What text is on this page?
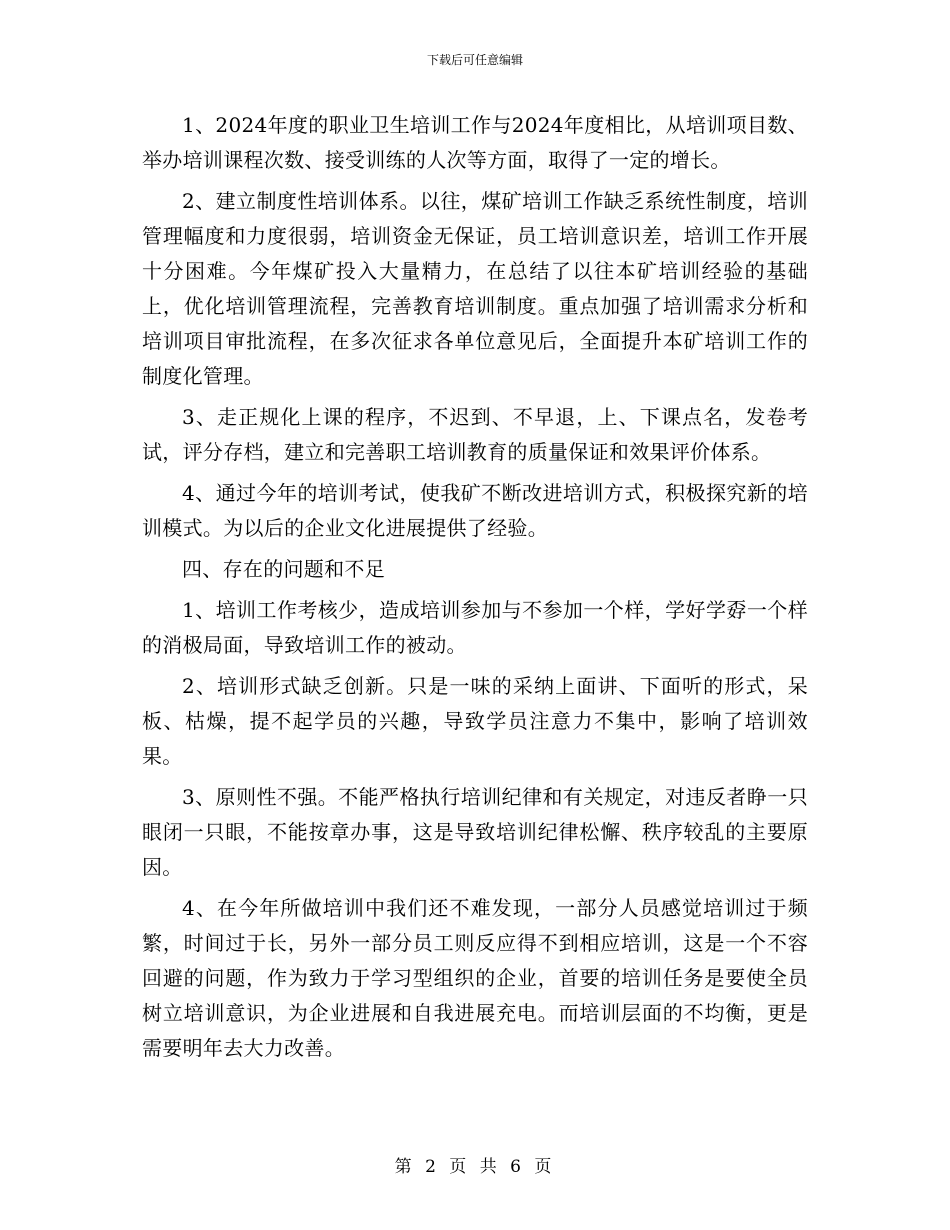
下载后可任意编辑

1、2024年度的职业卫生培训工作与2024年度相比，从培训项目数、举办培训课程次数、接受训练的人次等方面，取得了一定的增长。

2、建立制度性培训体系。以往，煤矿培训工作缺乏系统性制度，培训管理幅度和力度很弱，培训资金无保证，员工培训意识差，培训工作开展十分困难。今年煤矿投入大量精力，在总结了以往本矿培训经验的基础上，优化培训管理流程，完善教育培训制度。重点加强了培训需求分析和培训项目审批流程，在多次征求各单位意见后，全面提升本矿培训工作的制度化管理。

3、走正规化上课的程序，不迟到、不早退，上、下课点名，发卷考试，评分存档，建立和完善职工培训教育的质量保证和效果评价体系。

4、通过今年的培训考试，使我矿不断改进培训方式，积极探究新的培训模式。为以后的企业文化进展提供了经验。

四、存在的问题和不足

1、培训工作考核少，造成培训参加与不参加一个样，学好学孬一个样的消极局面，导致培训工作的被动。

2、培训形式缺乏创新。只是一味的采纳上面讲、下面听的形式，呆板、枯燥，提不起学员的兴趣，导致学员注意力不集中，影响了培训效果。

3、原则性不强。不能严格执行培训纪律和有关规定，对违反者睁一只眼闭一只眼，不能按章办事，这是导致培训纪律松懈、秩序较乱的主要原因。

4、在今年所做培训中我们还不难发现，一部分人员感觉培训过于频繁，时间过于长，另外一部分员工则反应得不到相应培训，这是一个不容回避的问题，作为致力于学习型组织的企业，首要的培训任务是要使全员树立培训意识，为企业进展和自我进展充电。而培训层面的不均衡，更是需要明年去大力改善。

第 2 页 共 6 页
